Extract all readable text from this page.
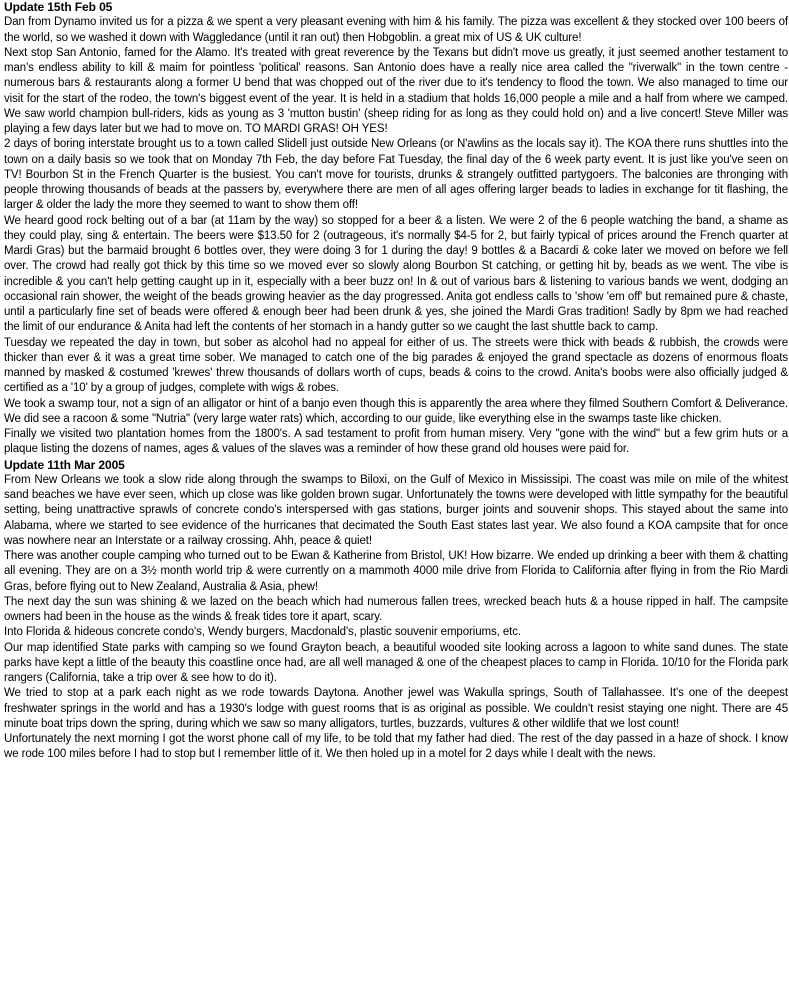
Update 15th Feb 05

Dan from Dynamo invited us for a pizza & we spent a very pleasant evening with him & his family. The pizza was excellent & they stocked over 100 beers of the world, so we washed it down with Waggledance (until it ran out) then Hobgoblin. a great mix of US & UK culture!

Next stop San Antonio, famed for the Alamo. It's treated with great reverence by the Texans but didn't move us greatly, it just seemed another testament to man's endless ability to kill & maim for pointless 'political' reasons. San Antonio does have a really nice area called the "riverwalk" in the town centre - numerous bars & restaurants along a former U bend that was chopped out of the river due to it's tendency to flood the town. We also managed to time our visit for the start of the rodeo, the town's biggest event of the year. It is held in a stadium that holds 16,000 people a mile and a half from where we camped. We saw world champion bull-riders, kids as young as 3 'mutton bustin' (sheep riding for as long as they could hold on) and a live concert! Steve Miller was playing a few days later but we had to move on. TO MARDI GRAS! OH YES!

2 days of boring interstate brought us to a town called Slidell just outside New Orleans (or N'awlins as the locals say it). The KOA there runs shuttles into the town on a daily basis so we took that on Monday 7th Feb, the day before Fat Tuesday, the final day of the 6 week party event. It is just like you've seen on TV! Bourbon St in the French Quarter is the busiest. You can't move for tourists, drunks & strangely outfitted partygoers. The balconies are thronging with people throwing thousands of beads at the passers by, everywhere there are men of all ages offering larger beads to ladies in exchange for tit flashing, the larger & older the lady the more they seemed to want to show them off!

We heard good rock belting out of a bar (at 11am by the way) so stopped for a beer & a listen. We were 2 of the 6 people watching the band, a shame as they could play, sing & entertain. The beers were $13.50 for 2 (outrageous, it's normally $4-5 for 2, but fairly typical of prices around the French quarter at Mardi Gras) but the barmaid brought 6 bottles over, they were doing 3 for 1 during the day! 9 bottles & a Bacardi & coke later we moved on before we fell over. The crowd had really got thick by this time so we moved ever so slowly along Bourbon St catching, or getting hit by, beads as we went. The vibe is incredible & you can't help getting caught up in it, especially with a beer buzz on! In & out of various bars & listening to various bands we went, dodging an occasional rain shower, the weight of the beads growing heavier as the day progressed. Anita got endless calls to 'show 'em off' but remained pure & chaste, until a particularly fine set of beads were offered & enough beer had been drunk & yes, she joined the Mardi Gras tradition! Sadly by 8pm we had reached the limit of our endurance & Anita had left the contents of her stomach in a handy gutter so we caught the last shuttle back to camp.

Tuesday we repeated the day in town, but sober as alcohol had no appeal for either of us. The streets were thick with beads & rubbish, the crowds were thicker than ever & it was a great time sober. We managed to catch one of the big parades & enjoyed the grand spectacle as dozens of enormous floats manned by masked & costumed 'krewes' threw thousands of dollars worth of cups, beads & coins to the crowd. Anita's boobs were also officially judged & certified as a '10' by a group of judges, complete with wigs & robes.

We took a swamp tour, not a sign of an alligator or hint of a banjo even though this is apparently the area where they filmed Southern Comfort & Deliverance. We did see a racoon & some "Nutria" (very large water rats) which, according to our guide, like everything else in the swamps taste like chicken.

Finally we visited two plantation homes from the 1800's. A sad testament to profit from human misery. Very "gone with the wind" but a few grim huts or a plaque listing the dozens of names, ages & values of the slaves was a reminder of how these grand old houses were paid for.

Update 11th Mar 2005

From New Orleans we took a slow ride along through the swamps to Biloxi, on the Gulf of Mexico in Mississipi. The coast was mile on mile of the whitest sand beaches we have ever seen, which up close was like golden brown sugar. Unfortunately the towns were developed with little sympathy for the beautiful setting, being unattractive sprawls of concrete condo's interspersed with gas stations, burger joints and souvenir shops. This stayed about the same into Alabama, where we started to see evidence of the hurricanes that decimated the South East states last year. We also found a KOA campsite that for once was nowhere near an Interstate or a railway crossing. Ahh, peace & quiet!

There was another couple camping who turned out to be Ewan & Katherine from Bristol, UK! How bizarre. We ended up drinking a beer with them & chatting all evening. They are on a 3½ month world trip & were currently on a mammoth 4000 mile drive from Florida to California after flying in from the Rio Mardi Gras, before flying out to New Zealand, Australia & Asia, phew!

The next day the sun was shining & we lazed on the beach which had numerous fallen trees, wrecked beach huts & a house ripped in half. The campsite owners had been in the house as the winds & freak tides tore it apart, scary.

Into Florida & hideous concrete condo's, Wendy burgers, Macdonald's, plastic souvenir emporiums, etc.

Our map identified State parks with camping so we found Grayton beach, a beautiful wooded site looking across a lagoon to white sand dunes. The state parks have kept a little of the beauty this coastline once had, are all well managed & one of the cheapest places to camp in Florida. 10/10 for the Florida park rangers (California, take a trip over & see how to do it).

We tried to stop at a park each night as we rode towards Daytona. Another jewel was Wakulla springs, South of Tallahassee. It's one of the deepest freshwater springs in the world and has a 1930's lodge with guest rooms that is as original as possible. We couldn't resist staying one night. There are 45 minute boat trips down the spring, during which we saw so many alligators, turtles, buzzards, vultures & other wildlife that we lost count!

Unfortunately the next morning I got the worst phone call of my life, to be told that my father had died. The rest of the day passed in a haze of shock. I know we rode 100 miles before I had to stop but I remember little of it. We then holed up in a motel for 2 days while I dealt with the news.
